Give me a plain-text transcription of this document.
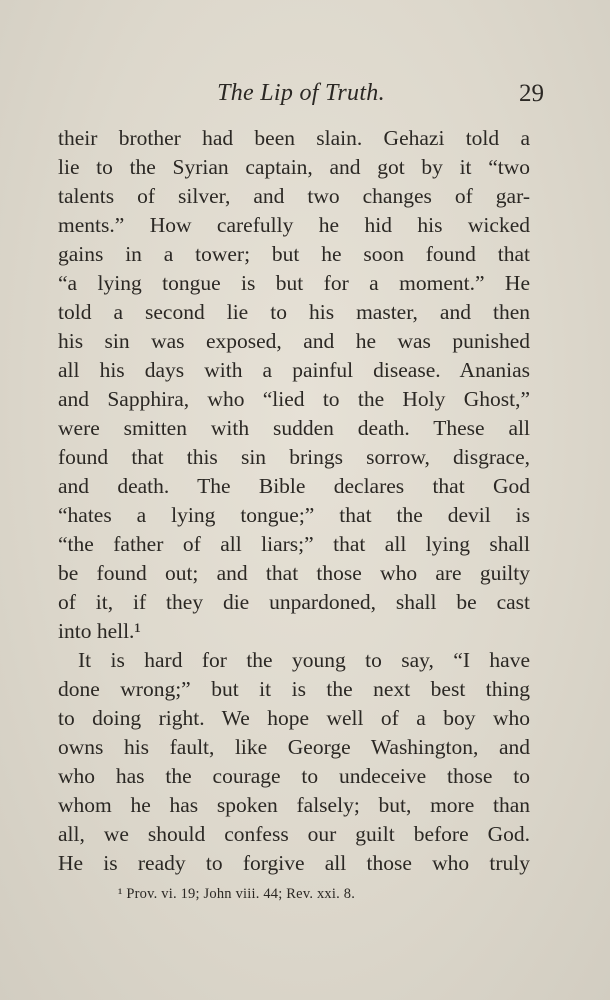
The Lip of Truth.	29
their brother had been slain. Gehazi told a
lie to the Syrian captain, and got by it “two
talents of silver, and two changes of gar-
ments.” How carefully he hid his wicked
gains in a tower; but he soon found that
“a lying tongue is but for a moment.” He
told a second lie to his master, and then
his sin was exposed, and he was punished
all his days with a painful disease. Ananias
and Sapphira, who “lied to the Holy Ghost,”
were smitten with sudden death. These all
found that this sin brings sorrow, disgrace,
and death. The Bible declares that God
“hates a lying tongue;” that the devil is
“the father of all liars;” that all lying shall
be found out; and that those who are guilty
of it, if they die unpardoned, shall be cast
into hell.¹
It is hard for the young to say, “I have
done wrong;” but it is the next best thing
to doing right. We hope well of a boy who
owns his fault, like George Washington, and
who has the courage to undeceive those to
whom he has spoken falsely; but, more than
all, we should confess our guilt before God.
He is ready to forgive all those who truly
¹ Prov. vi. 19; John viii. 44; Rev. xxi. 8.
